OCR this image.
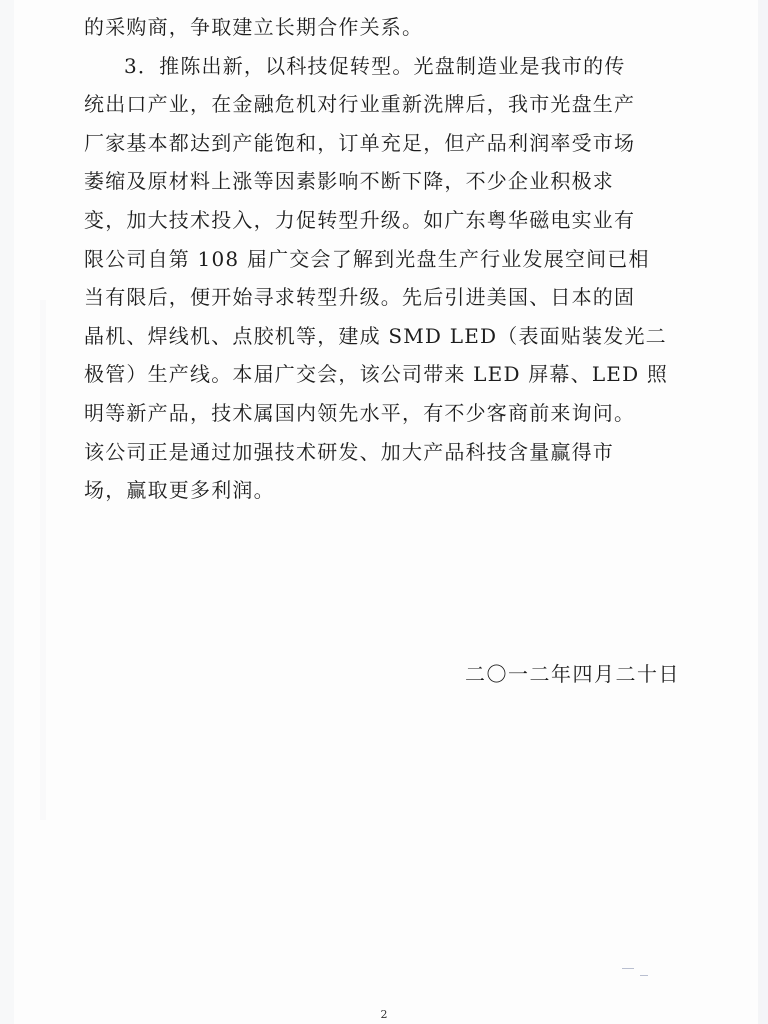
的采购商，争取建立长期合作关系。
3．推陈出新，以科技促转型。光盘制造业是我市的传
统出口产业，在金融危机对行业重新洗牌后，我市光盘生产
厂家基本都达到产能饱和，订单充足，但产品利润率受市场
萎缩及原材料上涨等因素影响不断下降，不少企业积极求
变，加大技术投入，力促转型升级。如广东粤华磁电实业有
限公司自第 108 届广交会了解到光盘生产行业发展空间已相
当有限后，便开始寻求转型升级。先后引进美国、日本的固
晶机、焊线机、点胶机等，建成 SMD LED（表面贴装发光二
极管）生产线。本届广交会，该公司带来 LED 屏幕、LED 照
明等新产品，技术属国内领先水平，有不少客商前来询问。
该公司正是通过加强技术研发、加大产品科技含量赢得市
场，赢取更多利润。
二〇一二年四月二十日
2
